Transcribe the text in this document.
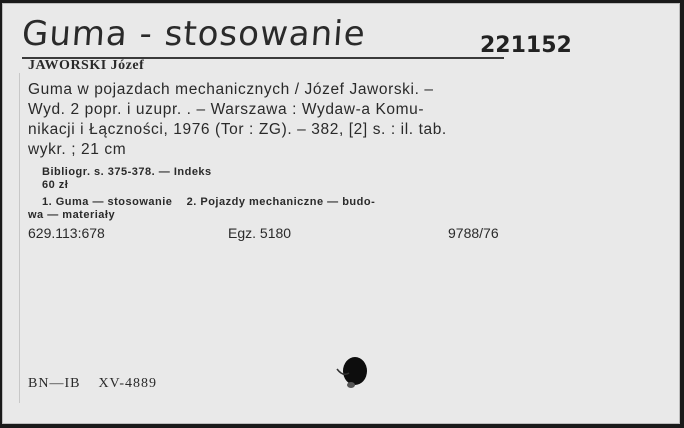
Guma - stosowanie	221152
JAWORSKI Józef
Guma w pojazdach mechanicznych / Józef Jaworski. –
Wyd. 2 popr. i uzupr. . – Warszawa : Wydaw-a Komu-
nikacji i Łączności, 1976 (Tor : ZG). – 382, [2] s. : il. tab.
wykr. ; 21 cm
Bibliogr. s. 375-378. — Indeks
60 zł
1. Guma — stosowanie    2. Pojazdy mechaniczne — budo-
wa — materiały
629.113:678	Egz. 5180	9788/76
BN—IB    XV-4889
